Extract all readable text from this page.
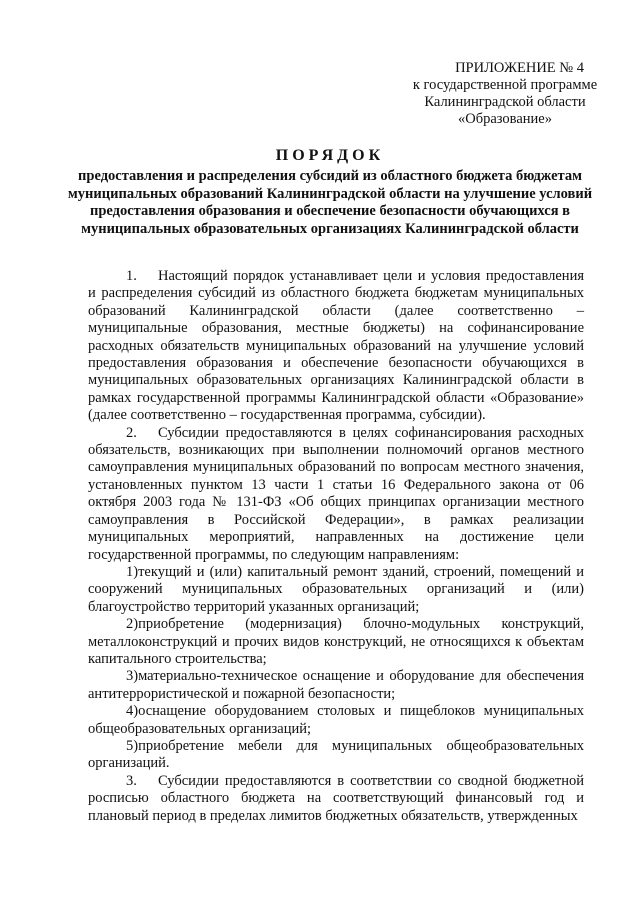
ПРИЛОЖЕНИЕ № 4
к государственной программе
Калининградской области
«Образование»
ПОРЯДОК
предоставления и распределения субсидий из областного бюджета бюджетам муниципальных образований Калининградской области на улучшение условий предоставления образования и обеспечение безопасности обучающихся в муниципальных образовательных организациях Калининградской области

1. Настоящий порядок устанавливает цели и условия предоставления и распределения субсидий из областного бюджета бюджетам муниципальных образований Калининградской области (далее соответственно – муниципальные образования, местные бюджеты) на софинансирование расходных обязательств муниципальных образований на улучшение условий предоставления образования и обеспечение безопасности обучающихся в муниципальных образовательных организациях Калининградской области в рамках государственной программы Калининградской области «Образование» (далее соответственно – государственная программа, субсидии).

2. Субсидии предоставляются в целях софинансирования расходных обязательств, возникающих при выполнении полномочий органов местного самоуправления муниципальных образований по вопросам местного значения, установленных пунктом 13 части 1 статьи 16 Федерального закона от 06 октября 2003 года № 131-ФЗ «Об общих принципах организации местного самоуправления в Российской Федерации», в рамках реализации муниципальных мероприятий, направленных на достижение цели государственной программы, по следующим направлениям:

1)текущий и (или) капитальный ремонт зданий, строений, помещений и сооружений муниципальных образовательных организаций и (или) благоустройство территорий указанных организаций;

2)приобретение (модернизация) блочно-модульных конструкций, металлоконструкций и прочих видов конструкций, не относящихся к объектам капитального строительства;

3)материально-техническое оснащение и оборудование для обеспечения антитеррористической и пожарной безопасности;

4)оснащение оборудованием столовых и пищеблоков муниципальных общеобразовательных организаций;

5)приобретение мебели для муниципальных общеобразовательных организаций.

3. Субсидии предоставляются в соответствии со сводной бюджетной росписью областного бюджета на соответствующий финансовый год и плановый период в пределах лимитов бюджетных обязательств, утвержденных
